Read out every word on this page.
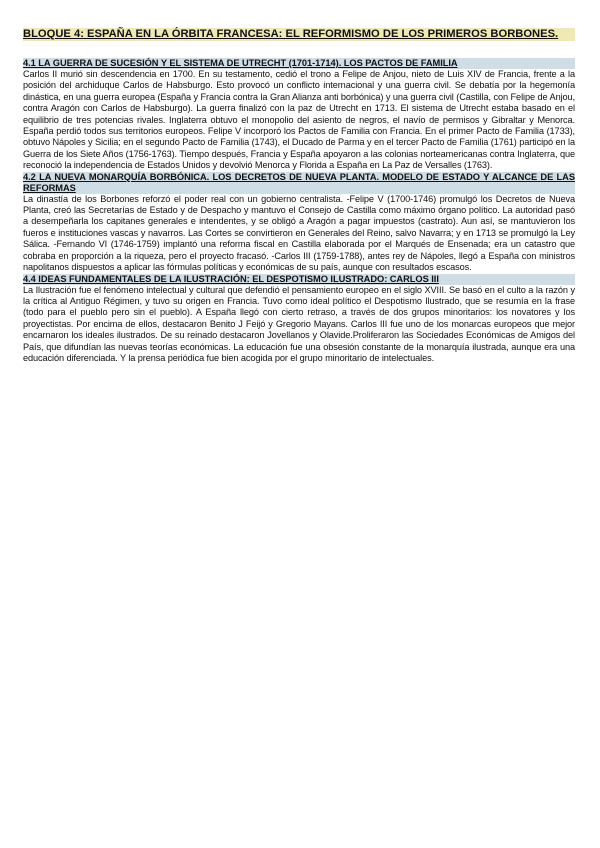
BLOQUE 4: ESPAÑA EN LA ÓRBITA FRANCESA: EL REFORMISMO DE LOS PRIMEROS BORBONES.
4.1 LA GUERRA DE SUCESIÓN Y EL SISTEMA DE UTRECHT (1701-1714). LOS PACTOS DE FAMILIA

Carlos II murió sin descendencia en 1700. En su testamento, cedió el trono a Felipe de Anjou, nieto de Luis XIV de Francia, frente a la posición del archiduque Carlos de Habsburgo. Esto provocó un conflicto internacional y una guerra civil. Se debatía por la hegemonía dinástica, en una guerra europea (España y Francia contra la Gran Alianza anti borbónica) y una guerra civil (Castilla, con Felipe de Anjou, contra Aragón con Carlos de Habsburgo). La guerra finalizó con la paz de Utrecht en 1713. El sistema de Utrecht estaba basado en el equilibrio de tres potencias rivales. Inglaterra obtuvo el monopolio del asiento de negros, el navío de permisos y Gibraltar y Menorca. España perdió todos sus territorios europeos. Felipe V incorporó los Pactos de Familia con Francia. En el primer Pacto de Familia (1733), obtuvo Nápoles y Sicilia; en el segundo Pacto de Familia (1743), el Ducado de Parma y en el tercer Pacto de Familia (1761) participó en la Guerra de los Siete Años (1756-1763). Tiempo después, Francia y España apoyaron a las colonias norteamericanas contra Inglaterra, que reconoció la independencia de Estados Unidos y devolvió Menorca y Florida a España en La Paz de Versalles (1763).

4.2 LA NUEVA MONARQUÍA BORBÓNICA. LOS DECRETOS DE NUEVA PLANTA. MODELO DE ESTADO Y ALCANCE DE LAS REFORMAS

La dinastía de los Borbones reforzó el poder real con un gobierno centralista. -Felipe V (1700-1746) promulgó los Decretos de Nueva Planta, creó las Secretarías de Estado y de Despacho y mantuvo el Consejo de Castilla como máximo órgano político. La autoridad pasó a desempeñarla los capitanes generales e intendentes, y se obligó a Aragón a pagar impuestos (castrato). Aun así, se mantuvieron los fueros e instituciones vascas y navarros. Las Cortes se convirtieron en Generales del Reino, salvo Navarra; y en 1713 se promulgó la Ley Sálica. -Fernando VI (1746-1759) implantó una reforma fiscal en Castilla elaborada por el Marqués de Ensenada; era un catastro que cobraba en proporción a la riqueza, pero el proyecto fracasó. -Carlos III (1759-1788), antes rey de Nápoles, llegó a España con ministros napolitanos dispuestos a aplicar las fórmulas políticas y económicas de su país, aunque con resultados escasos.

4.4 IDEAS FUNDAMENTALES DE LA ILUSTRACIÓN: EL DESPOTISMO ILUSTRADO: CARLOS III

La Ilustración fue el fenómeno intelectual y cultural que defendió el pensamiento europeo en el siglo XVIII. Se basó en el culto a la razón y la crítica al Antiguo Régimen, y tuvo su origen en Francia. Tuvo como ideal político el Despotismo Ilustrado, que se resumía en la frase (todo para el pueblo pero sin el pueblo). A España llegó con cierto retraso, a través de dos grupos minoritarios: los novatores y los proyectistas. Por encima de ellos, destacaron Benito J Feijó y Gregorio Mayans. Carlos III fue uno de los monarcas europeos que mejor encarnaron los ideales ilustrados. De su reinado destacaron Jovellanos y Olavide.Proliferaron las Sociedades Económicas de Amigos del País, que difundían las nuevas teorías económicas. La educación fue una obsesión constante de la monarquía ilustrada, aunque era una educación diferenciada. Y la prensa periódica fue bien acogida por el grupo minoritario de intelectuales.
